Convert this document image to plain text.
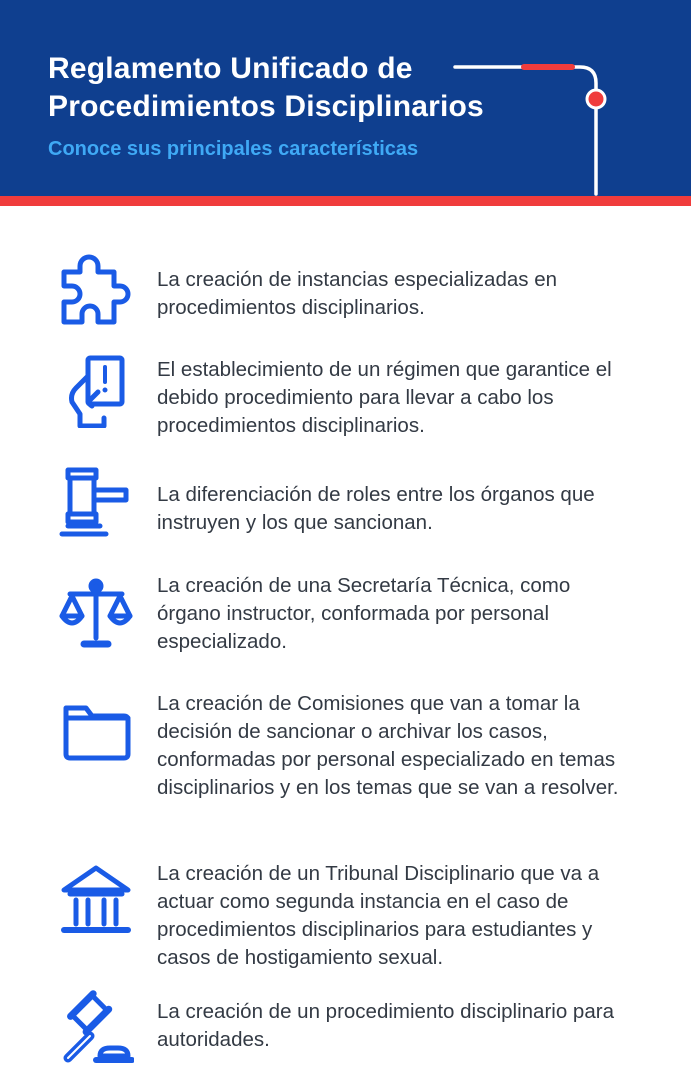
Reglamento Unificado de
Procedimientos Disciplinarios

Conoce sus principales características

La creación de instancias especializadas en procedimientos disciplinarios.

El establecimiento de un régimen que garantice el debido procedimiento para llevar a cabo los procedimientos disciplinarios.

La diferenciación de roles entre los órganos que instruyen y los que sancionan.

La creación de una Secretaría Técnica, como órgano instructor, conformada por personal especializado.

La creación de Comisiones que van a tomar la decisión de sancionar o archivar los casos, conformadas por personal especializado en temas disciplinarios y en los temas que se van a resolver.

La creación de un Tribunal Disciplinario que va a actuar como segunda instancia en el caso de procedimientos disciplinarios para estudiantes y casos de hostigamiento sexual.

La creación de un procedimiento disciplinario para autoridades.
